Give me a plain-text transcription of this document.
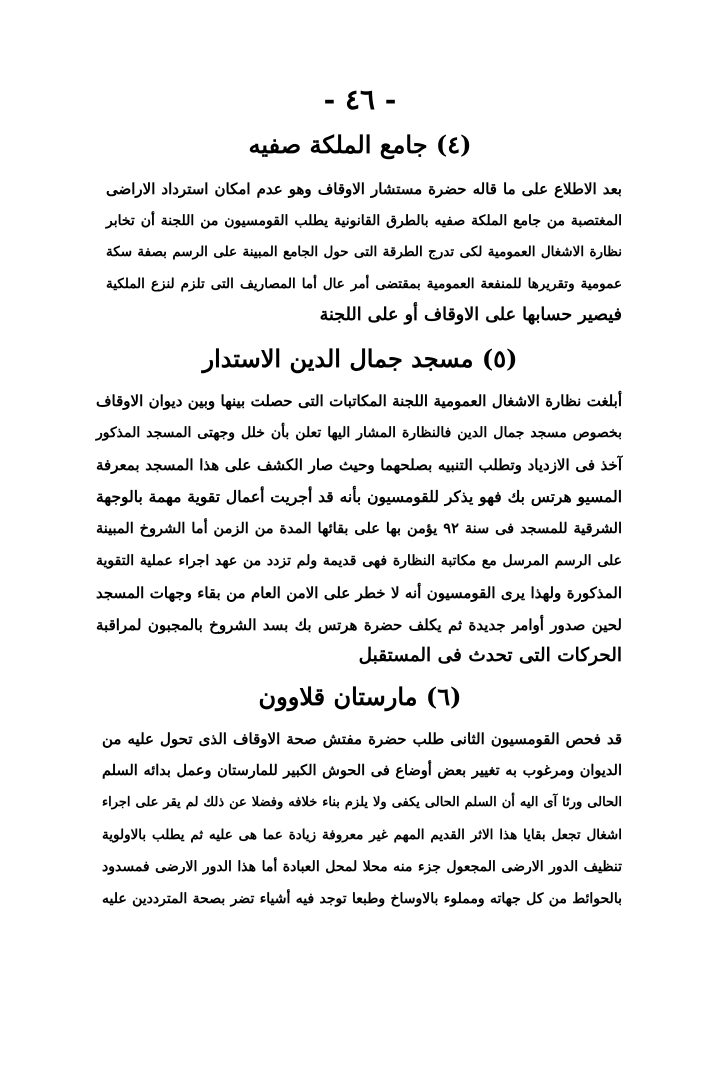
- ٤٦ -
(٤) جامع الملكة صفيه
بعد الاطلاع على ما قاله حضرة مستشار الاوقاف وهو عدم امكان استرداد الاراضى
المغتصبة من جامع الملكة صفيه بالطرق القانونية يطلب القومسيون من اللجنة أن تخابر
نظارة الاشغال العمومية لكى تدرج الطرقة التى حول الجامع المبينة على الرسم بصفة سكة
عمومية وتقريرها للمنفعة العمومية بمقتضى أمر عال أما المصاريف التى تلزم لنزع الملكية
فيصير حسابها على الاوقاف أو على اللجنة
(٥) مسجد جمال الدين الاستدار
أبلغت نظارة الاشغال العمومية اللجنة المكاتبات التى حصلت بينها وبين ديوان الاوقاف
بخصوص مسجد جمال الدين فالنظارة المشار اليها تعلن بأن خلل وجهتى المسجد المذكور
آخذ فى الازدياد وتطلب التنبيه بصلحهما وحيث صار الكشف على هذا المسجد بمعرفة
المسيو هرتس بك فهو يذكر للقومسيون بأنه قد أجريت أعمال تقوية مهمة بالوجهة
الشرقية للمسجد فى سنة ٩٢ يؤمن بها على بقائها المدة من الزمن أما الشروخ المبينة
على الرسم المرسل مع مكاتبة النظارة فهى قديمة ولم تزدد من عهد اجراء عملية التقوية
المذكورة ولهذا يرى القومسيون أنه لا خطر على الامن العام من بقاء وجهات المسجد
لحين صدور أوامر جديدة ثم يكلف حضرة هرتس بك بسد الشروخ بالمجبون لمراقبة
الحركات التى تحدث فى المستقبل
(٦) مارستان قلاوون
قد فحص القومسيون الثانى طلب حضرة مفتش صحة الاوقاف الذى تحول عليه من
الديوان ومرغوب به تغيير بعض أوضاع فى الحوش الكبير للمارستان وعمل بدائه السلم
الحالى ورئا آى اليه أن السلم الحالى يكفى ولا يلزم بناء خلافه وفضلا عن ذلك لم يقر على اجراء
اشغال تجعل بقايا هذا الاثر القديم المهم غير معروفة زيادة عما هى عليه ثم يطلب بالاولوية
تنظيف الدور الارضى المجعول جزء منه محلا لمحل العبادة أما هذا الدور الارضى فمسدود
بالحوائط من كل جهاته ومملوء بالاوساخ وطبعا توجد فيه أشياء تضر بصحة المترددين عليه
